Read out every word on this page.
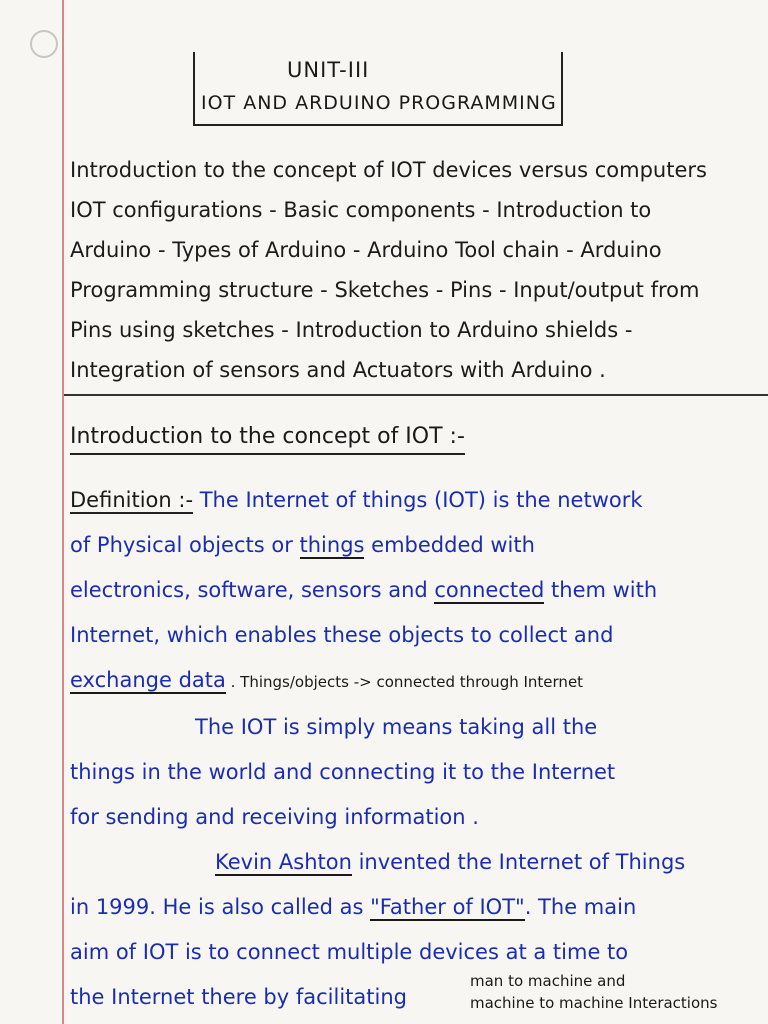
UNIT-III
IOT AND ARDUINO PROGRAMMING
Introduction to the concept of IOT devices versus computers
IOT configurations - Basic components - Introduction to
Arduino - Types of Arduino - Arduino Tool chain - Arduino
Programming structure - Sketches - Pins - Input/output from
Pins using sketches - Introduction to Arduino shields -
Integration of sensors and Actuators with Arduino .
Introduction to the concept of IOT :-
Definition :- The Internet of things (IOT) is the network
of Physical objects or things embedded with
electronics, software, sensors and connected them with
Internet, which enables these objects to collect and
exchange data . Things/objects -> connected through Internet
The IOT is simply means taking all the
things in the world and connecting it to the Internet
for sending and receiving information .
Kevin Ashton invented the Internet of Things
in 1999. He is also called as "Father of IOT". The main
aim of IOT is to connect multiple devices at a time to
the Internet there by facilitating
man to machine and
machine to machine Interactions
